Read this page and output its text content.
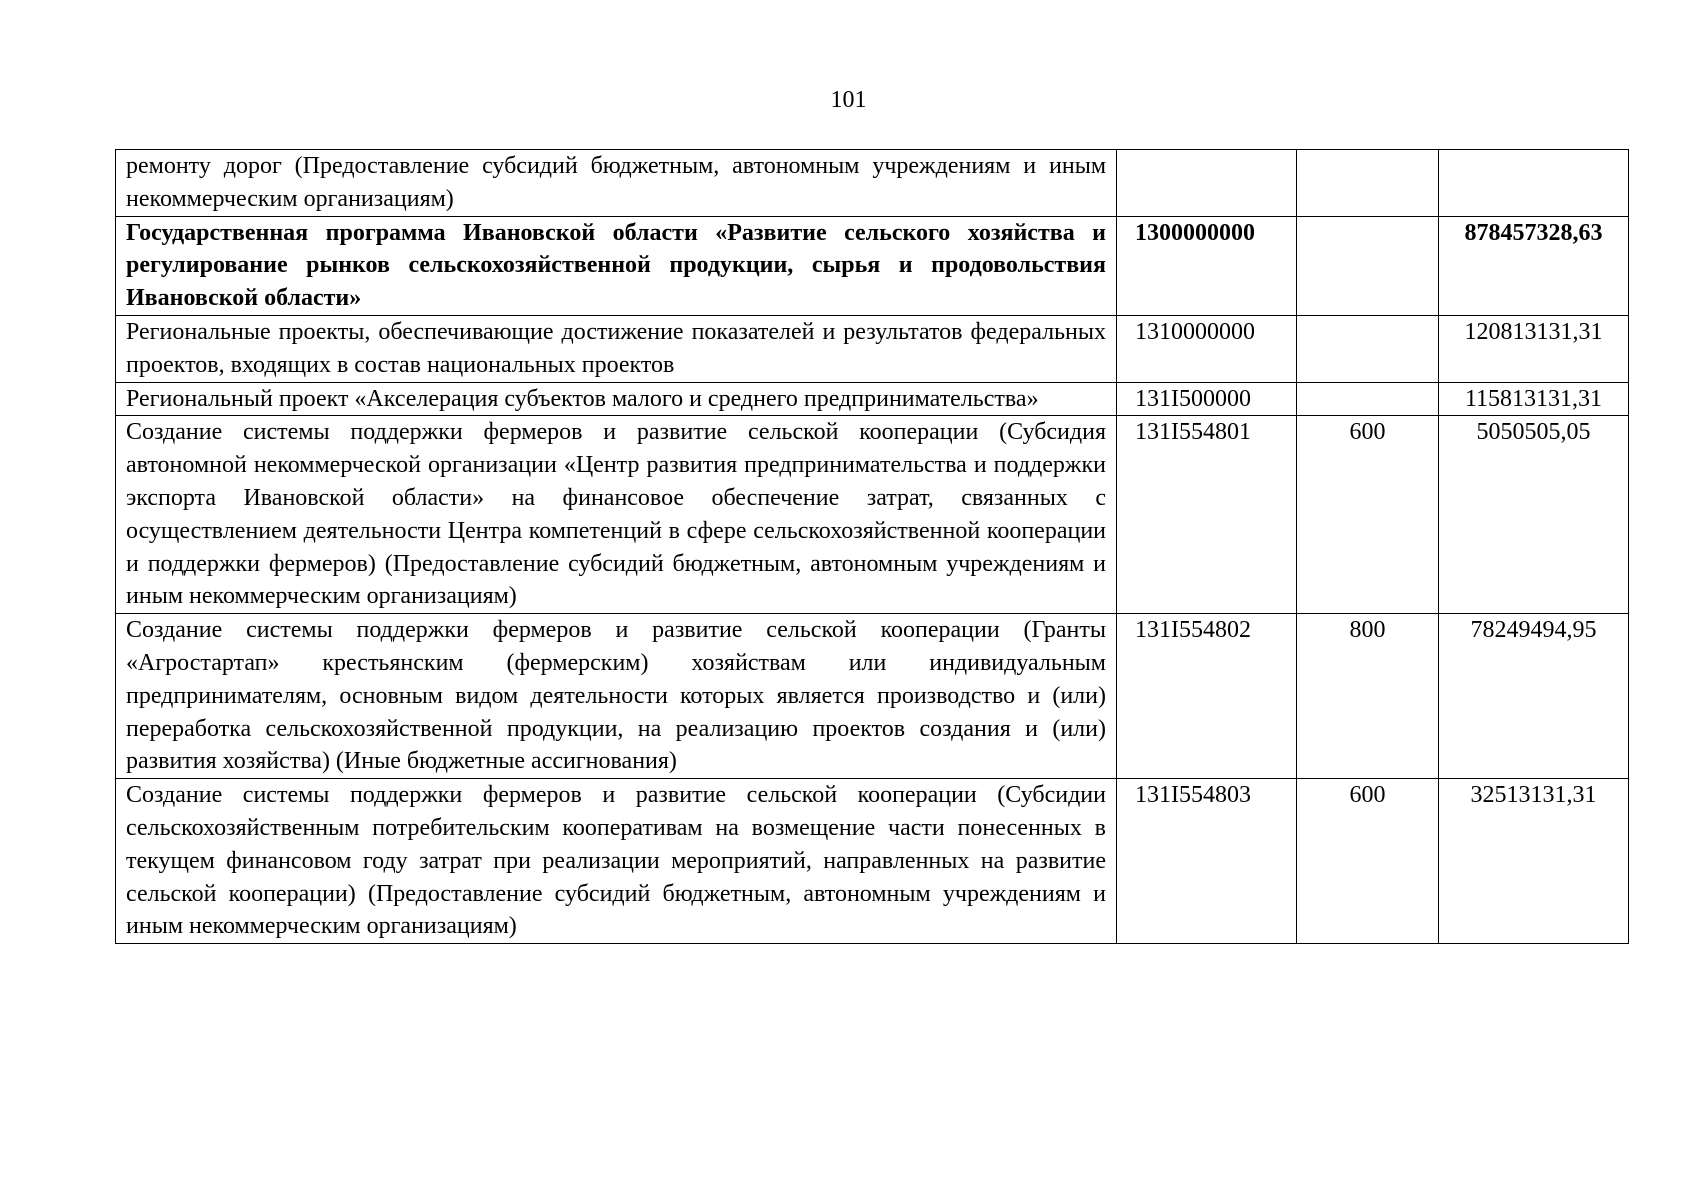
101
ремонту дорог (Предоставление субсидий бюджетным, автономным учреждениям и иным некоммерческим организациям)			
Государственная программа Ивановской области «Развитие сельского хозяйства и регулирование рынков сельскохозяйственной продукции, сырья и продовольствия Ивановской области»	1300000000		878457328,63
Региональные проекты, обеспечивающие достижение показателей и результатов федеральных проектов, входящих в состав национальных проектов	1310000000		120813131,31
Региональный проект «Акселерация субъектов малого и среднего предпринимательства»	131I500000		115813131,31
Создание системы поддержки фермеров и развитие сельской кооперации (Субсидия автономной некоммерческой организации «Центр развития предпринимательства и поддержки экспорта Ивановской области» на финансовое обеспечение затрат, связанных с осуществлением деятельности Центра компетенций в сфере сельскохозяйственной кооперации и поддержки фермеров) (Предоставление субсидий бюджетным, автономным учреждениям и иным некоммерческим организациям)	131I554801	600	5050505,05
Создание системы поддержки фермеров и развитие сельской кооперации (Гранты «Агростартап» крестьянским (фермерским) хозяйствам или индивидуальным предпринимателям, основным видом деятельности которых является производство и (или) переработка сельскохозяйственной продукции, на реализацию проектов создания и (или) развития хозяйства) (Иные бюджетные ассигнования)	131I554802	800	78249494,95
Создание системы поддержки фермеров и развитие сельской кооперации (Субсидии сельскохозяйственным потребительским кооперативам на возмещение части понесенных в текущем финансовом году затрат при реализации мероприятий, направленных на развитие сельской кооперации) (Предоставление субсидий бюджетным, автономным учреждениям и иным некоммерческим организациям)	131I554803	600	32513131,31
